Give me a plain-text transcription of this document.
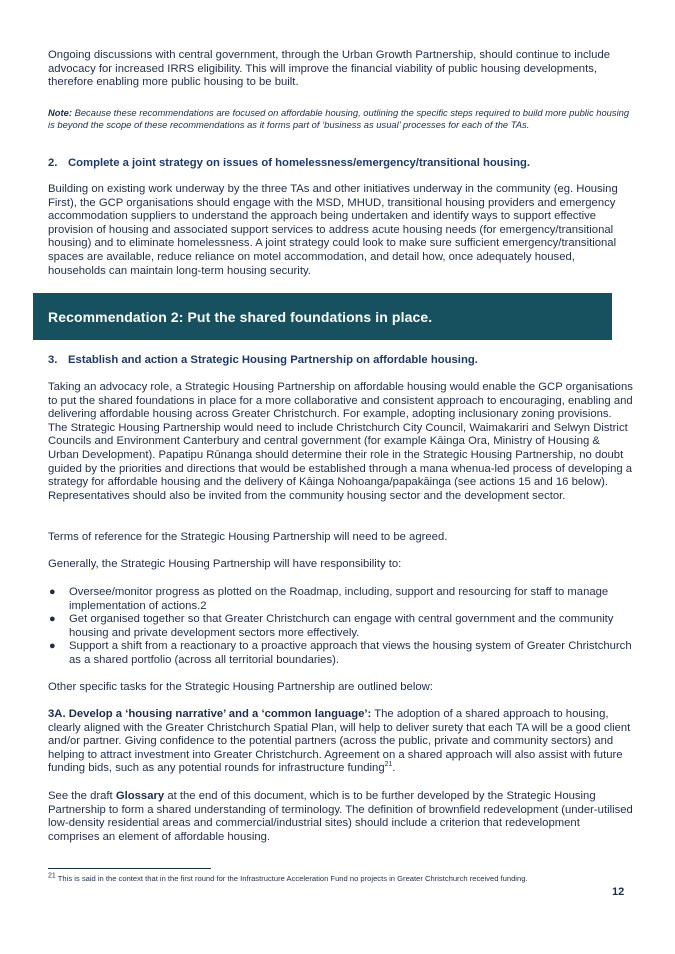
Ongoing discussions with central government, through the Urban Growth Partnership, should continue to include advocacy for increased IRRS eligibility. This will improve the financial viability of public housing developments, therefore enabling more public housing to be built.

Note: Because these recommendations are focused on affordable housing, outlining the specific steps required to build more public housing is beyond the scope of these recommendations as it forms part of ‘business as usual’ processes for each of the TAs.

2. Complete a joint strategy on issues of homelessness/emergency/transitional housing.

Building on existing work underway by the three TAs and other initiatives underway in the community (eg. Housing First), the GCP organisations should engage with the MSD, MHUD, transitional housing providers and emergency accommodation suppliers to understand the approach being undertaken and identify ways to support effective provision of housing and associated support services to address acute housing needs (for emergency/transitional housing) and to eliminate homelessness. A joint strategy could look to make sure sufficient emergency/transitional spaces are available, reduce reliance on motel accommodation, and detail how, once adequately housed, households can maintain long-term housing security.

Recommendation 2: Put the shared foundations in place.

3. Establish and action a Strategic Housing Partnership on affordable housing.

Taking an advocacy role, a Strategic Housing Partnership on affordable housing would enable the GCP organisations to put the shared foundations in place for a more collaborative and consistent approach to encouraging, enabling and delivering affordable housing across Greater Christchurch. For example, adopting inclusionary zoning provisions. The Strategic Housing Partnership would need to include Christchurch City Council, Waimakariri and Selwyn District Councils and Environment Canterbury and central government (for example Kāinga Ora, Ministry of Housing & Urban Development). Papatipu Rūnanga should determine their role in the Strategic Housing Partnership, no doubt guided by the priorities and directions that would be established through a mana whenua-led process of developing a strategy for affordable housing and the delivery of Kāinga Nohoanga/papakāinga (see actions 15 and 16 below). Representatives should also be invited from the community housing sector and the development sector.

Terms of reference for the Strategic Housing Partnership will need to be agreed.

Generally, the Strategic Housing Partnership will have responsibility to:

● Oversee/monitor progress as plotted on the Roadmap, including, support and resourcing for staff to manage implementation of actions.2
● Get organised together so that Greater Christchurch can engage with central government and the community housing and private development sectors more effectively.
● Support a shift from a reactionary to a proactive approach that views the housing system of Greater Christchurch as a shared portfolio (across all territorial boundaries).

Other specific tasks for the Strategic Housing Partnership are outlined below:

3A. Develop a ‘housing narrative’ and a ‘common language’: The adoption of a shared approach to housing, clearly aligned with the Greater Christchurch Spatial Plan, will help to deliver surety that each TA will be a good client and/or partner. Giving confidence to the potential partners (across the public, private and community sectors) and helping to attract investment into Greater Christchurch. Agreement on a shared approach will also assist with future funding bids, such as any potential rounds for infrastructure funding$^{21}$.

See the draft Glossary at the end of this document, which is to be further developed by the Strategic Housing Partnership to form a shared understanding of terminology. The definition of brownfield redevelopment (under-utilised low-density residential areas and commercial/industrial sites) should include a criterion that redevelopment comprises an element of affordable housing.

$^{21}$ This is said in the context that in the first round for the Infrastructure Acceleration Fund no projects in Greater Christchurch received funding.
12
